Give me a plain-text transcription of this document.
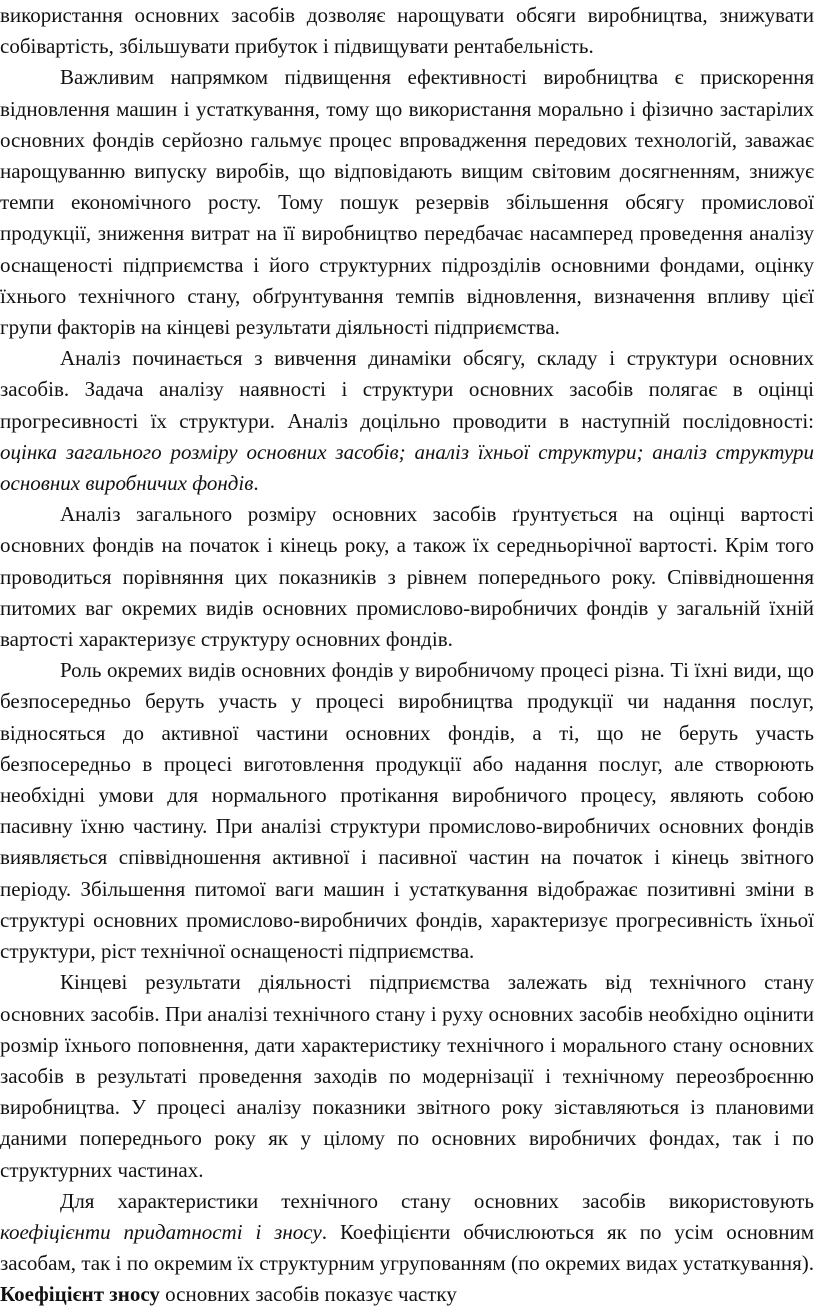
використання основних засобів дозволяє нарощувати обсяги виробництва, знижувати собівартість, збільшувати прибуток і підвищувати рентабельність.

Важливим напрямком підвищення ефективності виробництва є прискорення відновлення машин і устаткування, тому що використання морально і фізично застарілих основних фондів серйозно гальмує процес впровадження передових технологій, заважає нарощуванню випуску виробів, що відповідають вищим світовим досягненням, знижує темпи економічного росту. Тому пошук резервів збільшення обсягу промислової продукції, зниження витрат на її виробництво передбачає насамперед проведення аналізу оснащеності підприємства і його структурних підрозділів основними фондами, оцінку їхнього технічного стану, обґрунтування темпів відновлення, визначення впливу цієї групи факторів на кінцеві результати діяльності підприємства.

Аналіз починається з вивчення динаміки обсягу, складу і структури основних засобів. Задача аналізу наявності і структури основних засобів полягає в оцінці прогресивності їх структури. Аналіз доцільно проводити в наступній послідовності: оцінка загального розміру основних засобів; аналіз їхньої структури; аналіз структури основних виробничих фондів.

Аналіз загального розміру основних засобів ґрунтується на оцінці вартості основних фондів на початок і кінець року, а також їх середньорічної вартості. Крім того проводиться порівняння цих показників з рівнем попереднього року. Співвідношення питомих ваг окремих видів основних промислово-виробничих фондів у загальній їхній вартості характеризує структуру основних фондів.

Роль окремих видів основних фондів у виробничому процесі різна. Ті їхні види, що безпосередньо беруть участь у процесі виробництва продукції чи надання послуг, відносяться до активної частини основних фондів, а ті, що не беруть участь безпосередньо в процесі виготовлення продукції або надання послуг, але створюють необхідні умови для нормального протікання виробничого процесу, являють собою пасивну їхню частину. При аналізі структури промислово-виробничих основних фондів виявляється співвідношення активної і пасивної частин на початок і кінець звітного періоду. Збільшення питомої ваги машин і устаткування відображає позитивні зміни в структурі основних промислово-виробничих фондів, характеризує прогресивність їхньої структури, ріст технічної оснащеності підприємства.

Кінцеві результати діяльності підприємства залежать від технічного стану основних засобів. При аналізі технічного стану і руху основних засобів необхідно оцінити розмір їхнього поповнення, дати характеристику технічного і морального стану основних засобів в результаті проведення заходів по модернізації і технічному переозброєнню виробництва. У процесі аналізу показники звітного року зіставляються із плановими даними попереднього року як у цілому по основних виробничих фондах, так і по структурних частинах.

Для характеристики технічного стану основних засобів використовують коефіцієнти придатності і зносу. Коефіцієнти обчислюються як по усім основним засобам, так і по окремим їх структурним угрупованням (по окремих видах устаткування). Коефіцієнт зносу основних засобів показує частку
